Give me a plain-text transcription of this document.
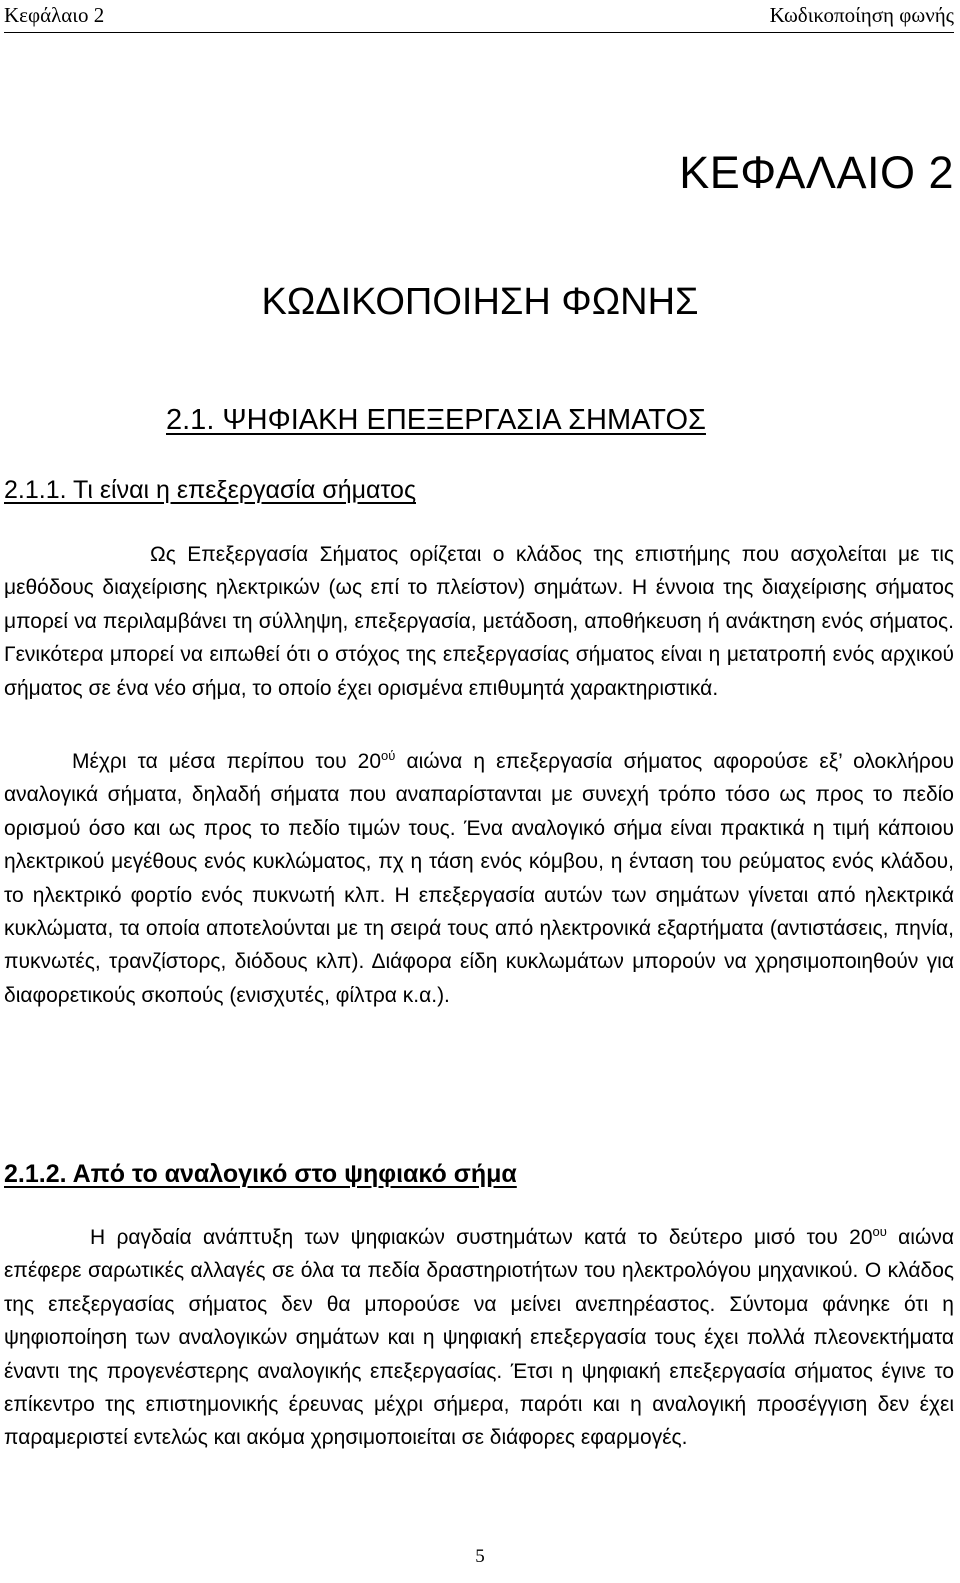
Κεφάλαιο 2	Κωδικοποίηση φωνής
ΚΕΦΑΛΑΙΟ 2
ΚΩΔΙΚΟΠΟΙΗΣΗ ΦΩΝΗΣ
2.1. ΨΗΦΙΑΚΗ ΕΠΕΞΕΡΓΑΣΙΑ ΣΗΜΑΤΟΣ
2.1.1. Τι είναι η επεξεργασία σήματος

Ως Επεξεργασία Σήματος ορίζεται ο κλάδος της επιστήμης που ασχολείται με τις μεθόδους διαχείρισης ηλεκτρικών (ως επί το πλείστον) σημάτων. Η έννοια της διαχείρισης σήματος μπορεί να περιλαμβάνει τη σύλληψη, επεξεργασία, μετάδοση, αποθήκευση ή ανάκτηση ενός σήματος. Γενικότερα μπορεί να ειπωθεί ότι ο στόχος της επεξεργασίας σήματος είναι η μετατροπή ενός αρχικού σήματος σε ένα νέο σήμα, το οποίο έχει ορισμένα επιθυμητά χαρακτηριστικά.

Μέχρι τα μέσα περίπου του $20^{oύ}$ αιώνα η επεξεργασία σήματος αφορούσε εξ’ ολοκλήρου αναλογικά σήματα, δηλαδή σήματα που αναπαρίστανται με συνεχή τρόπο τόσο ως προς το πεδίο ορισμού όσο και ως προς το πεδίο τιμών τους. Ένα αναλογικό σήμα είναι πρακτικά η τιμή κάποιου ηλεκτρικού μεγέθους ενός κυκλώματος, πχ η τάση ενός κόμβου, η ένταση του ρεύματος ενός κλάδου, το ηλεκτρικό φορτίο ενός πυκνωτή κλπ. Η επεξεργασία αυτών των σημάτων γίνεται από ηλεκτρικά κυκλώματα, τα οποία αποτελούνται με τη σειρά τους από ηλεκτρονικά εξαρτήματα (αντιστάσεις, πηνία, πυκνωτές, τρανζίστορς, διόδους κλπ). Διάφορα είδη κυκλωμάτων μπορούν να χρησιμοποιηθούν για διαφορετικούς σκοπούς (ενισχυτές, φίλτρα κ.α.).

2.1.2. Από το αναλογικό στο ψηφιακό σήμα

Η ραγδαία ανάπτυξη των ψηφιακών συστημάτων κατά το δεύτερο μισό του $20^{o\upsilon}$ αιώνα επέφερε σαρωτικές αλλαγές σε όλα τα πεδία δραστηριοτήτων του ηλεκτρολόγου μηχανικού. Ο κλάδος της επεξεργασίας σήματος δεν θα μπορούσε να μείνει ανεπηρέαστος. Σύντομα φάνηκε ότι η ψηφιοποίηση των αναλογικών σημάτων και η ψηφιακή επεξεργασία τους έχει πολλά πλεονεκτήματα έναντι της προγενέστερης αναλογικής επεξεργασίας. Έτσι η ψηφιακή επεξεργασία σήματος έγινε το επίκεντρο της επιστημονικής έρευνας μέχρι σήμερα, παρότι και η αναλογική προσέγγιση δεν έχει παραμεριστεί εντελώς και ακόμα χρησιμοποιείται σε διάφορες εφαρμογές.

5
